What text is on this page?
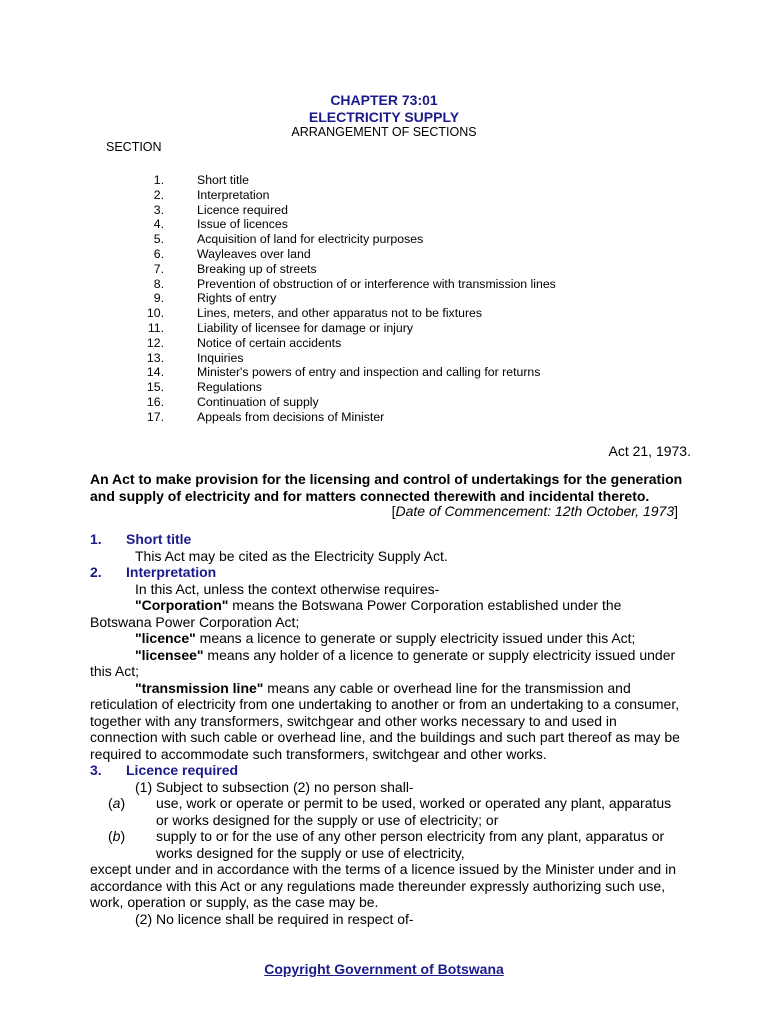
CHAPTER 73:01
ELECTRICITY SUPPLY
ARRANGEMENT OF SECTIONS
SECTION
1.	Short title
2.	Interpretation
3.	Licence required
4.	Issue of licences
5.	Acquisition of land for electricity purposes
6.	Wayleaves over land
7.	Breaking up of streets
8.	Prevention of obstruction of or interference with transmission lines
9.	Rights of entry
10.	Lines, meters, and other apparatus not to be fixtures
11.	Liability of licensee for damage or injury
12.	Notice of certain accidents
13.	Inquiries
14.	Minister's powers of entry and inspection and calling for returns
15.	Regulations
16.	Continuation of supply
17.	Appeals from decisions of Minister
Act 21, 1973.
An Act to make provision for the licensing and control of undertakings for the generation and supply of electricity and for matters connected therewith and incidental thereto.
[Date of Commencement: 12th October, 1973]
1. Short title
This Act may be cited as the Electricity Supply Act.
2. Interpretation
In this Act, unless the context otherwise requires-
"Corporation" means the Botswana Power Corporation established under the Botswana Power Corporation Act;
"licence" means a licence to generate or supply electricity issued under this Act;
"licensee" means any holder of a licence to generate or supply electricity issued under this Act;
"transmission line" means any cable or overhead line for the transmission and reticulation of electricity from one undertaking to another or from an undertaking to a consumer, together with any transformers, switchgear and other works necessary to and used in connection with such cable or overhead line, and the buildings and such part thereof as may be required to accommodate such transformers, switchgear and other works.
3. Licence required
(1) Subject to subsection (2) no person shall-
(a)	use, work or operate or permit to be used, worked or operated any plant, apparatus or works designed for the supply or use of electricity; or
(b)	supply to or for the use of any other person electricity from any plant, apparatus or works designed for the supply or use of electricity,
except under and in accordance with the terms of a licence issued by the Minister under and in accordance with this Act or any regulations made thereunder expressly authorizing such use, work, operation or supply, as the case may be.
(2) No licence shall be required in respect of-
Copyright Government of Botswana
